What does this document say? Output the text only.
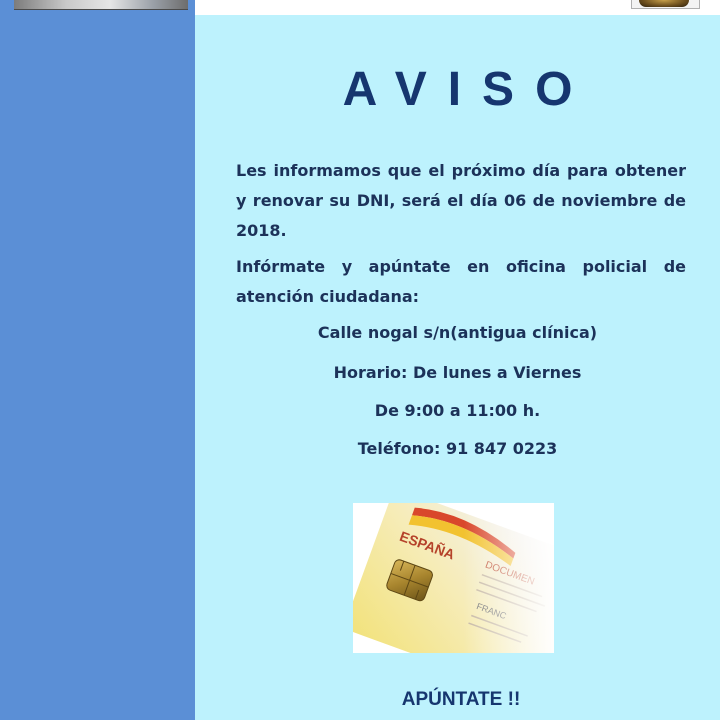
AVISO
Les informamos que el próximo día para obtener y renovar su DNI, será el día 06 de noviembre de 2018.
Infórmate y apúntate en oficina policial de atención ciudadana:
Calle nogal s/n(antigua clínica)
Horario: De lunes a Viernes
De 9:00 a 11:00 h.
Teléfono: 91 847 0223
APÚNTATE !!
